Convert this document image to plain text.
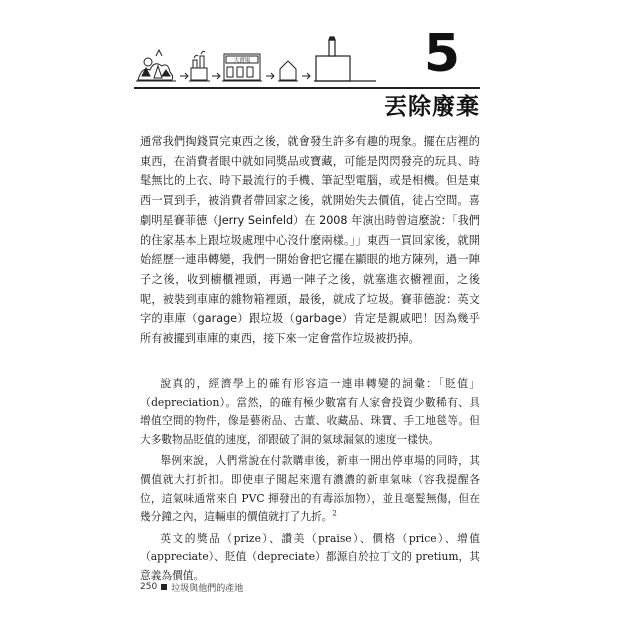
大賣場	5
丟除廢棄

通常我們掏錢買完東西之後，就會發生許多有趣的現象。擺在店裡的東西，在消費者眼中就如同獎品或寶藏，可能是閃閃發亮的玩具、時髦無比的上衣、時下最流行的手機、筆記型電腦，或是相機。但是東西一買到手，被消費者帶回家之後，就開始失去價值，徒占空間。喜劇明星賽菲德（Jerry Seinfeld）在 2008 年演出時曾這麼說：「我們的住家基本上跟垃圾處理中心沒什麼兩樣。」」東西一買回家後，就開始經歷一連串轉變，我們一開始會把它擺在顯眼的地方陳列，過一陣子之後，收到櫥櫃裡頭，再過一陣子之後，就塞進衣櫥裡面，之後呢，被裝到車庫的雜物箱裡頭，最後，就成了垃圾。賽菲德說：英文字的車庫（garage）跟垃圾（garbage）肯定是親戚吧！因為幾乎所有被擺到車庫的東西，接下來一定會當作垃圾被扔掉。

說真的，經濟學上的確有形容這一連串轉變的詞彙：「貶值」（depreciation）。當然，的確有極少數富有人家會投資少數稀有、具增值空間的物件，像是藝術品、古董、收藏品、珠寶、手工地毯等。但大多數物品貶值的速度，卻跟破了洞的氣球漏氣的速度一樣快。

舉例來說，人們常說在付款購車後，新車一開出停車場的同時，其價值就大打折扣。即使車子聞起來還有濃濃的新車氣味（容我提醒各位，這氣味通常來自 PVC 揮發出的有毒添加物），並且毫髮無傷，但在幾分鐘之內，這輛車的價值就打了九折。$^2$

英文的獎品（prize）、讚美（praise）、價格（price）、增值（appreciate）、貶值（depreciate）都源自於拉丁文的 pretium，其意義為價值。

250 垃圾與他們的產地
